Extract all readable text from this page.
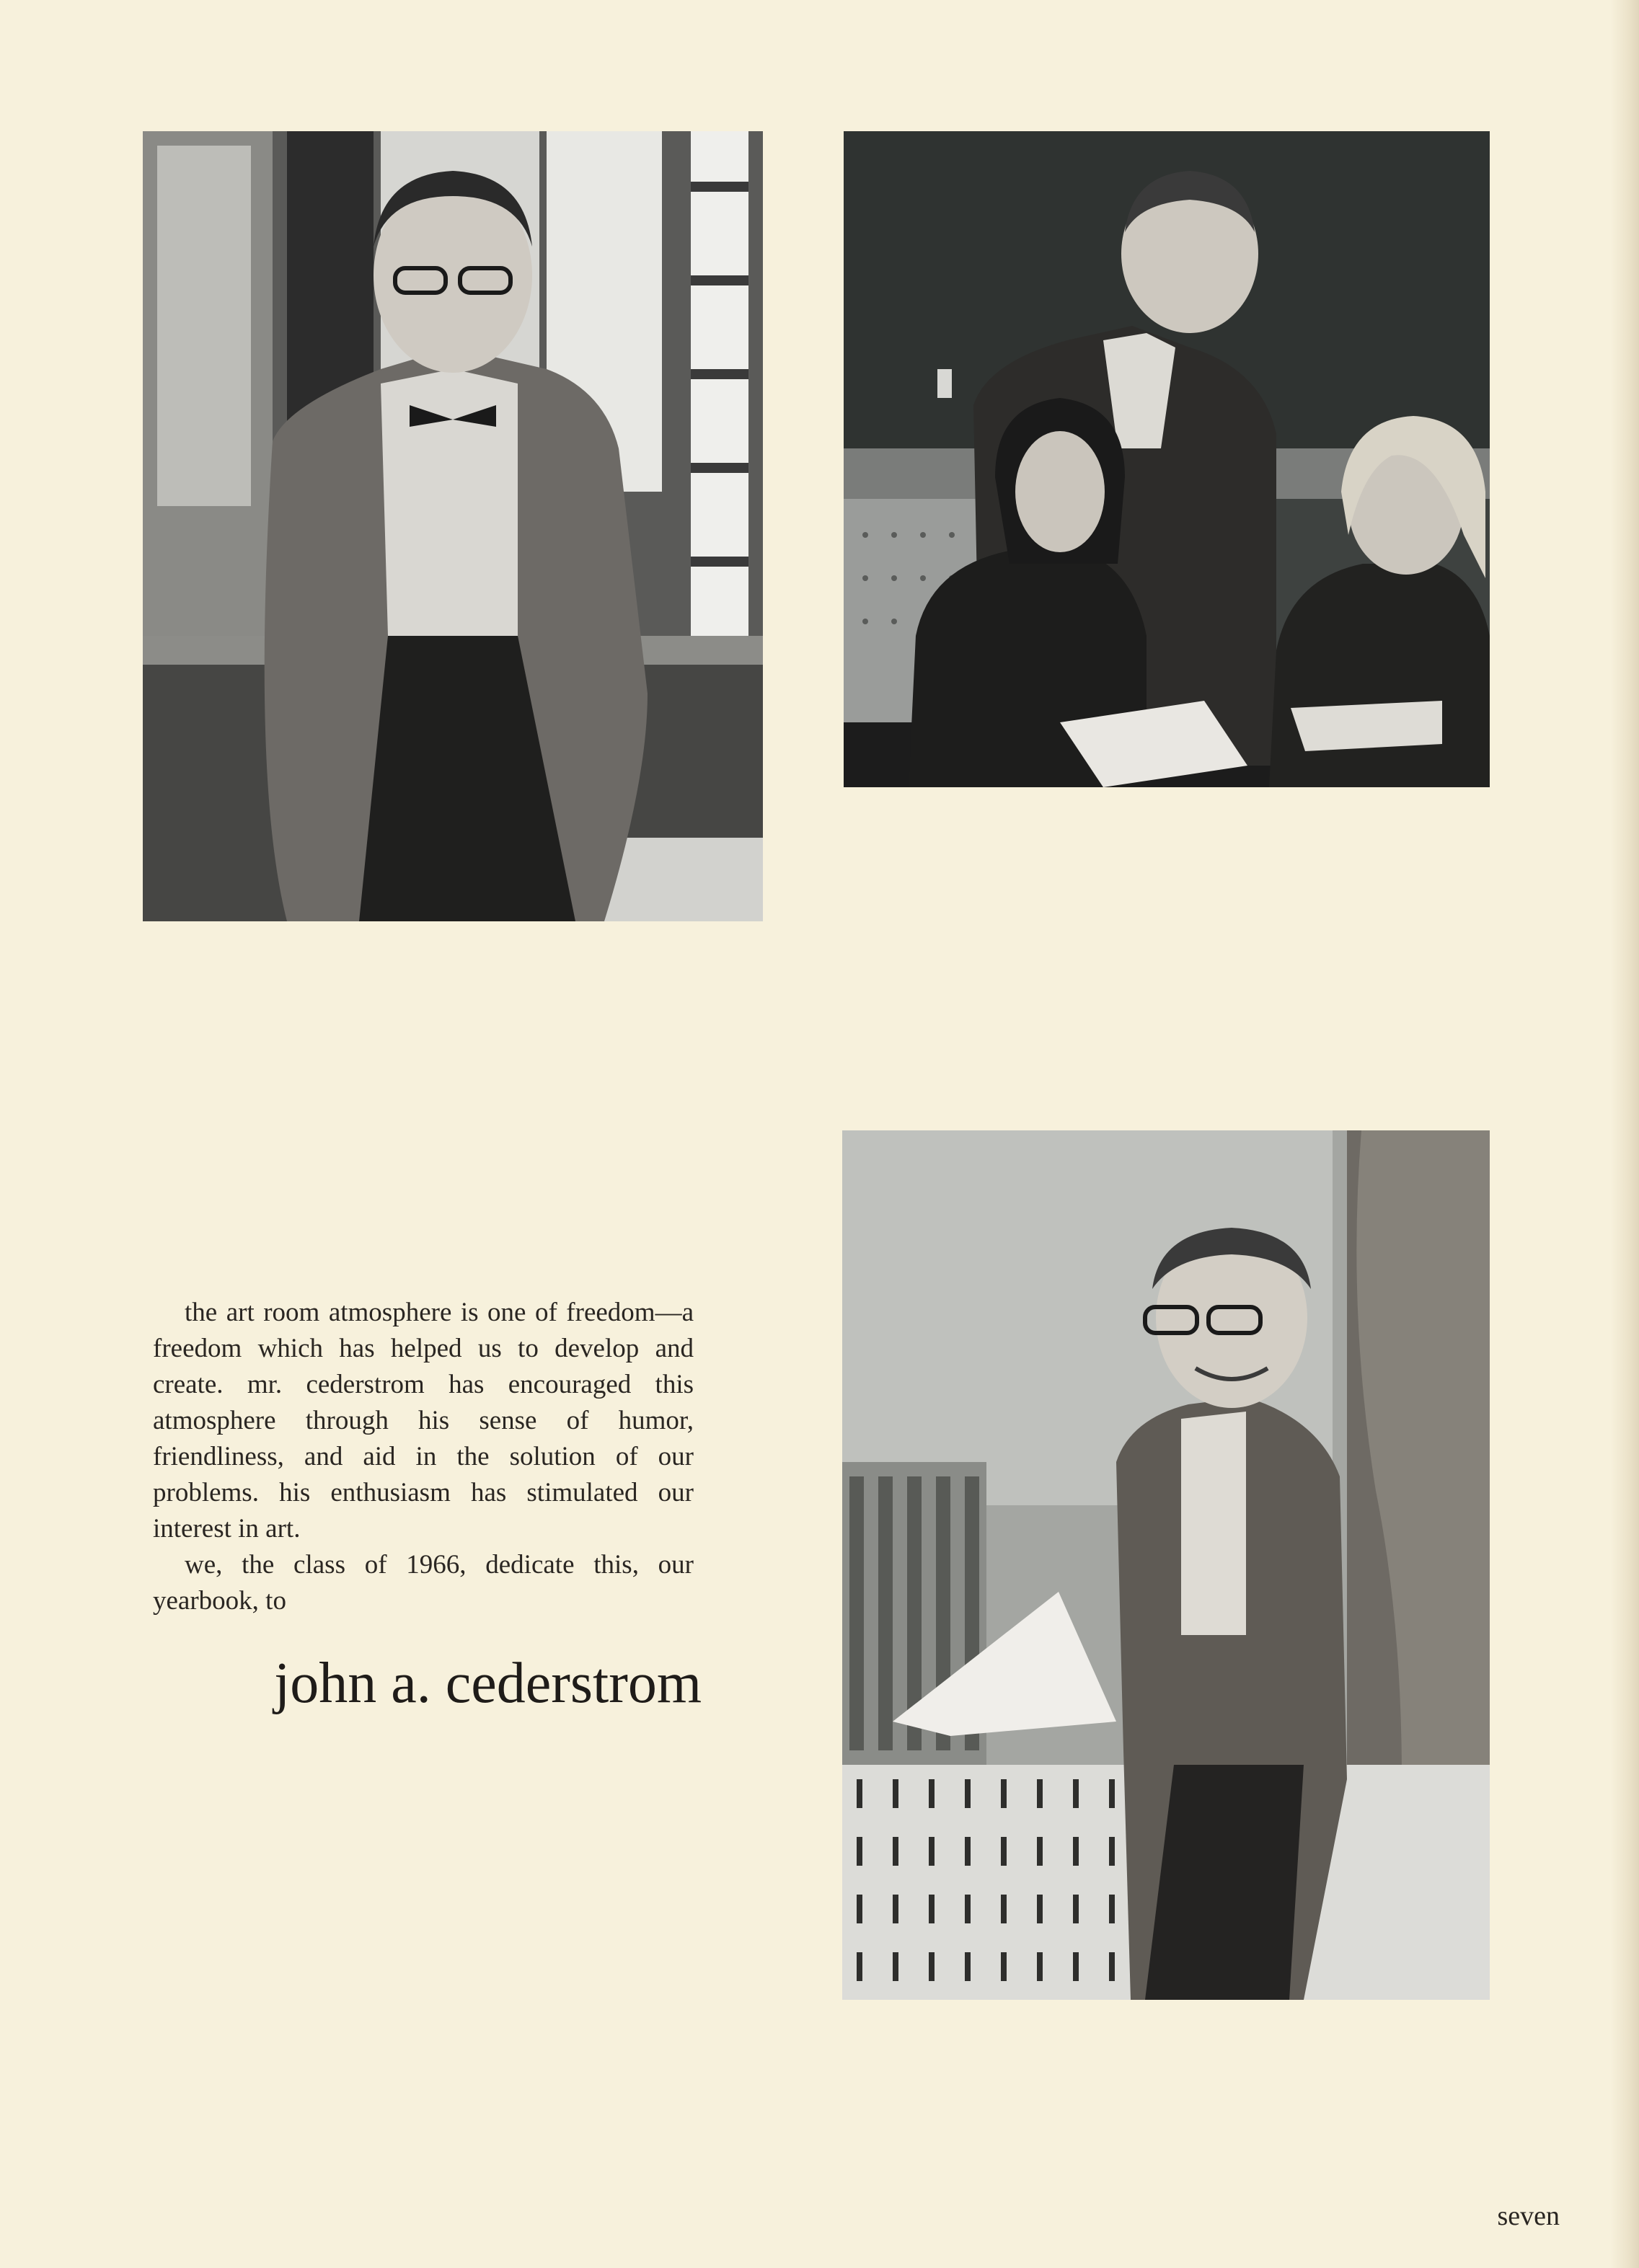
the art room atmosphere is one of freedom—a freedom which has helped us to develop and create. mr. cederstrom has encouraged this atmosphere through his sense of humor, friendliness, and aid in the solution of our problems. his enthusiasm has stimulated our interest in art.

we, the class of 1966, dedicate this, our yearbook, to

john a. cederstrom
seven
